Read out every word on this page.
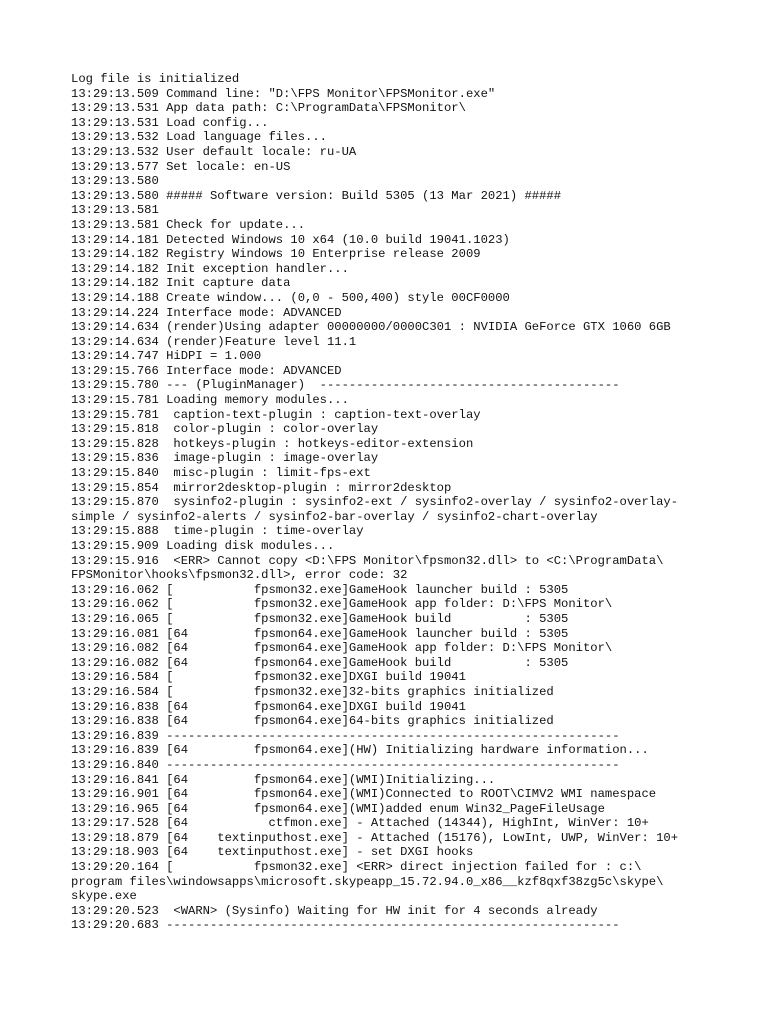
Log file is initialized
13:29:13.509 Command line: "D:\FPS Monitor\FPSMonitor.exe"
13:29:13.531 App data path: C:\ProgramData\FPSMonitor\
13:29:13.531 Load config...
13:29:13.532 Load language files...
13:29:13.532 User default locale: ru-UA
13:29:13.577 Set locale: en-US
13:29:13.580
13:29:13.580 ##### Software version: Build 5305 (13 Mar 2021) #####
13:29:13.581
13:29:13.581 Check for update...
13:29:14.181 Detected Windows 10 x64 (10.0 build 19041.1023)
13:29:14.182 Registry Windows 10 Enterprise release 2009
13:29:14.182 Init exception handler...
13:29:14.182 Init capture data
13:29:14.188 Create window... (0,0 - 500,400) style 00CF0000
13:29:14.224 Interface mode: ADVANCED
13:29:14.634 (render)Using adapter 00000000/0000C301 : NVIDIA GeForce GTX 1060 6GB
13:29:14.634 (render)Feature level 11.1
13:29:14.747 HiDPI = 1.000
13:29:15.766 Interface mode: ADVANCED
13:29:15.780 --- (PluginManager)  -----------------------------------------
13:29:15.781 Loading memory modules...
13:29:15.781  caption-text-plugin : caption-text-overlay
13:29:15.818  color-plugin : color-overlay
13:29:15.828  hotkeys-plugin : hotkeys-editor-extension
13:29:15.836  image-plugin : image-overlay
13:29:15.840  misc-plugin : limit-fps-ext
13:29:15.854  mirror2desktop-plugin : mirror2desktop
13:29:15.870  sysinfo2-plugin : sysinfo2-ext / sysinfo2-overlay / sysinfo2-overlay-
simple / sysinfo2-alerts / sysinfo2-bar-overlay / sysinfo2-chart-overlay
13:29:15.888  time-plugin : time-overlay
13:29:15.909 Loading disk modules...
13:29:15.916  <ERR> Cannot copy <D:\FPS Monitor\fpsmon32.dll> to <C:\ProgramData\
FPSMonitor\hooks\fpsmon32.dll>, error code: 32
13:29:16.062 [           fpsmon32.exe]GameHook launcher build : 5305
13:29:16.062 [           fpsmon32.exe]GameHook app folder: D:\FPS Monitor\
13:29:16.065 [           fpsmon32.exe]GameHook build          : 5305
13:29:16.081 [64         fpsmon64.exe]GameHook launcher build : 5305
13:29:16.082 [64         fpsmon64.exe]GameHook app folder: D:\FPS Monitor\
13:29:16.082 [64         fpsmon64.exe]GameHook build          : 5305
13:29:16.584 [           fpsmon32.exe]DXGI build 19041
13:29:16.584 [           fpsmon32.exe]32-bits graphics initialized
13:29:16.838 [64         fpsmon64.exe]DXGI build 19041
13:29:16.838 [64         fpsmon64.exe]64-bits graphics initialized
13:29:16.839 --------------------------------------------------------------
13:29:16.839 [64         fpsmon64.exe](HW) Initializing hardware information...
13:29:16.840 --------------------------------------------------------------
13:29:16.841 [64         fpsmon64.exe](WMI)Initializing...
13:29:16.901 [64         fpsmon64.exe](WMI)Connected to ROOT\CIMV2 WMI namespace
13:29:16.965 [64         fpsmon64.exe](WMI)added enum Win32_PageFileUsage
13:29:17.528 [64           ctfmon.exe] - Attached (14344), HighInt, WinVer: 10+
13:29:18.879 [64    textinputhost.exe] - Attached (15176), LowInt, UWP, WinVer: 10+
13:29:18.903 [64    textinputhost.exe] - set DXGI hooks
13:29:20.164 [           fpsmon32.exe] <ERR> direct injection failed for : c:\
program files\windowsapps\microsoft.skypeapp_15.72.94.0_x86__kzf8qxf38zg5c\skype\
skype.exe
13:29:20.523  <WARN> (Sysinfo) Waiting for HW init for 4 seconds already
13:29:20.683 --------------------------------------------------------------
